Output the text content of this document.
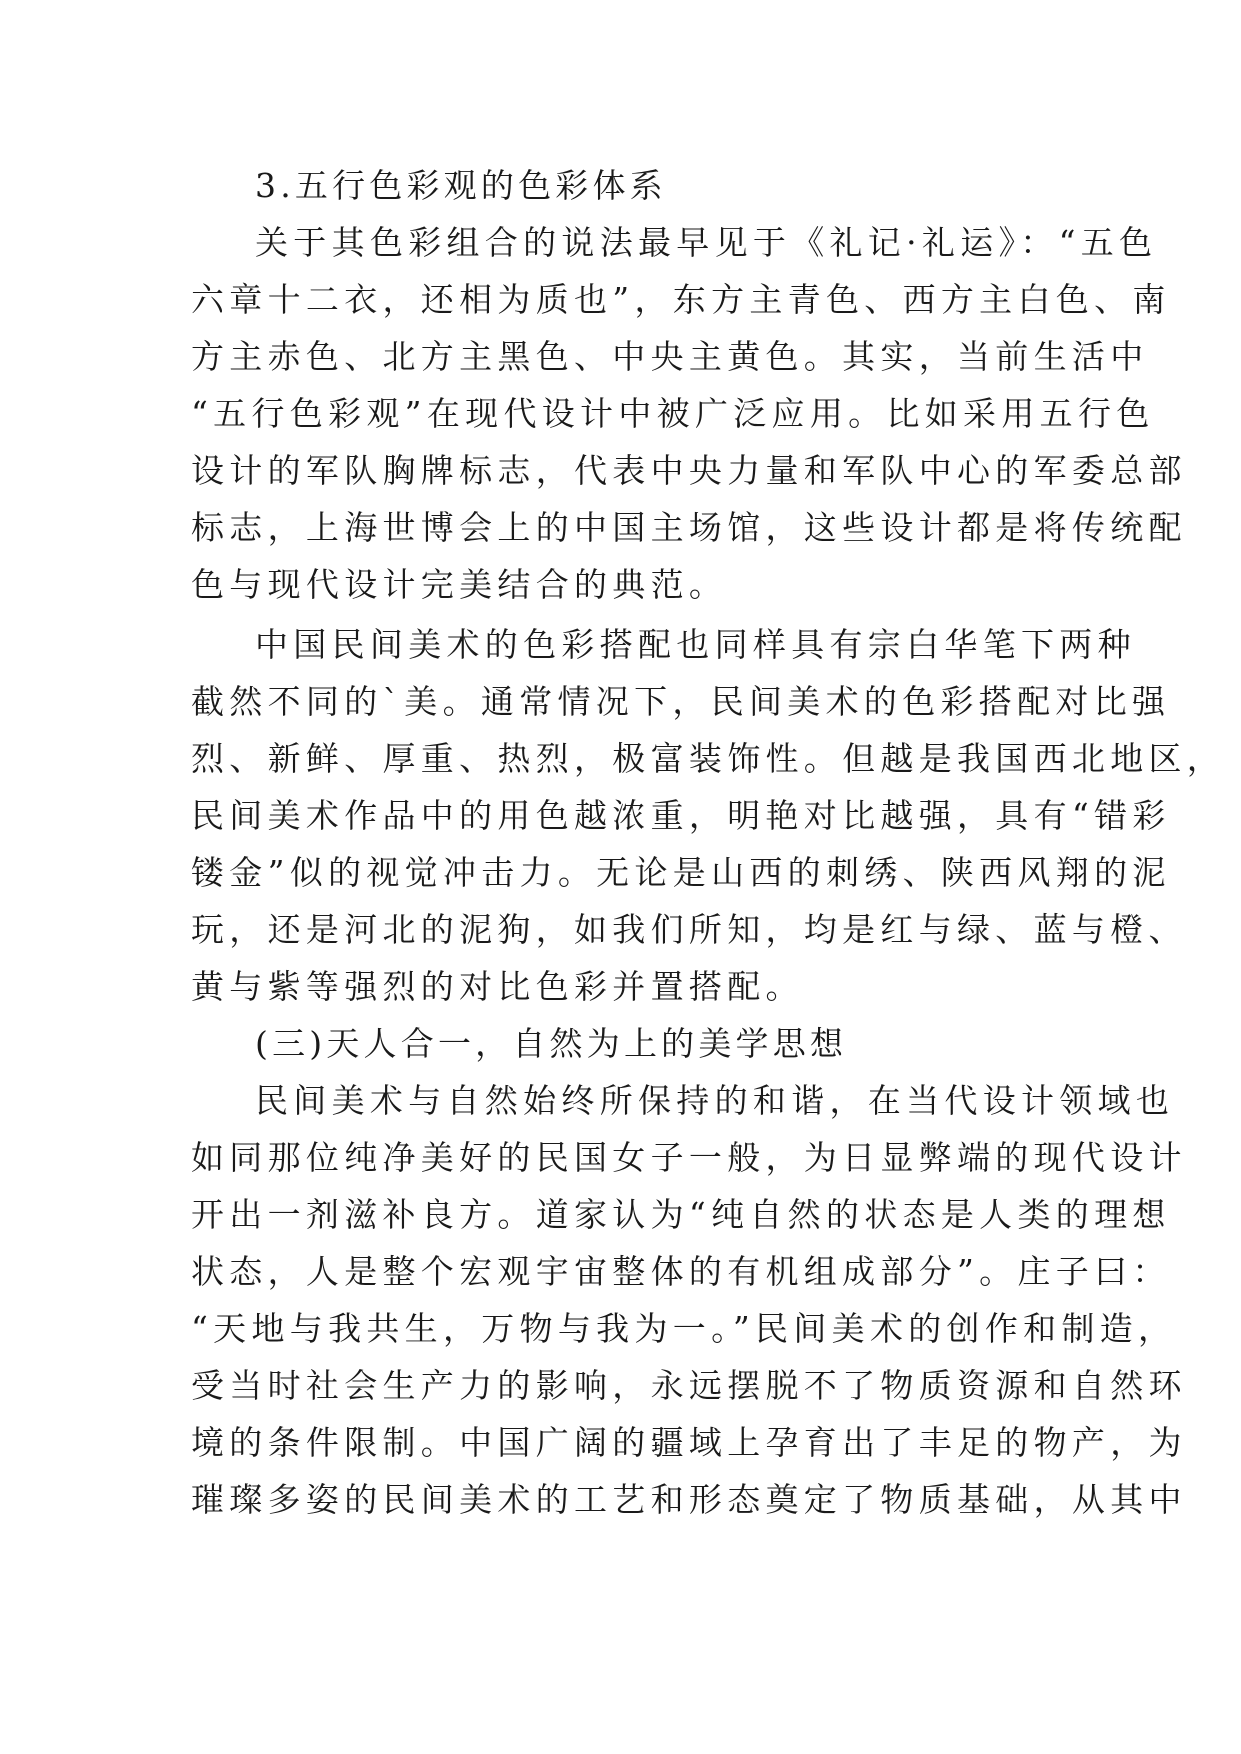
3.五行色彩观的色彩体系

关于其色彩组合的说法最早见于《礼记·礼运》：“五色

六章十二衣，还相为质也”，东方主青色、西方主白色、南

方主赤色、北方主黑色、中央主黄色。其实，当前生活中

“五行色彩观”在现代设计中被广泛应用。比如采用五行色

设计的军队胸牌标志，代表中央力量和军队中心的军委总部

标志，上海世博会上的中国主场馆，这些设计都是将传统配

色与现代设计完美结合的典范。

中国民间美术的色彩搭配也同样具有宗白华笔下两种

截然不同的`美。通常情况下，民间美术的色彩搭配对比强

烈、新鲜、厚重、热烈，极富装饰性。但越是我国西北地区，

民间美术作品中的用色越浓重，明艳对比越强，具有“错彩

镂金”似的视觉冲击力。无论是山西的刺绣、陕西风翔的泥

玩，还是河北的泥狗，如我们所知，均是红与绿、蓝与橙、

黄与紫等强烈的对比色彩并置搭配。

(三)天人合一，自然为上的美学思想

民间美术与自然始终所保持的和谐，在当代设计领域也

如同那位纯净美好的民国女子一般，为日显弊端的现代设计

开出一剂滋补良方。道家认为“纯自然的状态是人类的理想

状态，人是整个宏观宇宙整体的有机组成部分”。庄子曰：

“天地与我共生，万物与我为一。”民间美术的创作和制造，

受当时社会生产力的影响，永远摆脱不了物质资源和自然环

境的条件限制。中国广阔的疆域上孕育出了丰足的物产，为

璀璨多姿的民间美术的工艺和形态奠定了物质基础，从其中
